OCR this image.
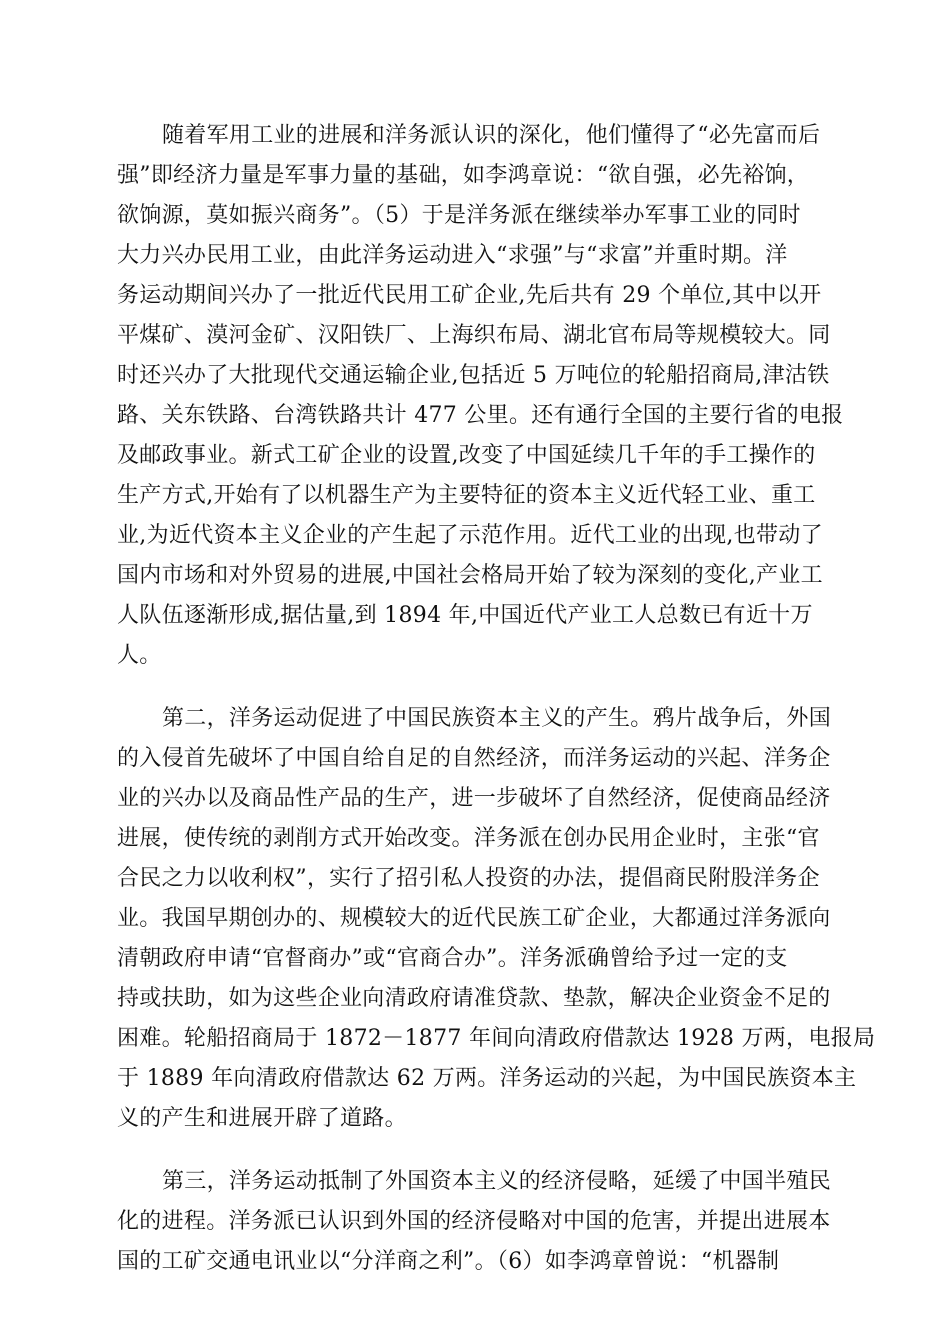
随着军用工业的进展和洋务派认识的深化，他们懂得了“必先富而后
强”即经济力量是军事力量的基础，如李鸿章说：“欲自强，必先裕饷，
欲饷源，莫如振兴商务”。（5）于是洋务派在继续举办军事工业的同时
大力兴办民用工业，由此洋务运动进入“求强”与“求富”并重时期。洋
务运动期间兴办了一批近代民用工矿企业,先后共有 29 个单位,其中以开
平煤矿、漠河金矿、汉阳铁厂、上海织布局、湖北官布局等规模较大。同
时还兴办了大批现代交通运输企业,包括近 5 万吨位的轮船招商局,津沽铁
路、关东铁路、台湾铁路共计 477 公里。还有通行全国的主要行省的电报
及邮政事业。新式工矿企业的设置,改变了中国延续几千年的手工操作的
生产方式,开始有了以机器生产为主要特征的资本主义近代轻工业、重工
业,为近代资本主义企业的产生起了示范作用。近代工业的出现,也带动了
国内市场和对外贸易的进展,中国社会格局开始了较为深刻的变化,产业工
人队伍逐渐形成,据估量,到 1894 年,中国近代产业工人总数已有近十万
人。
第二，洋务运动促进了中国民族资本主义的产生。鸦片战争后，外国
的入侵首先破坏了中国自给自足的自然经济，而洋务运动的兴起、洋务企
业的兴办以及商品性产品的生产，进一步破坏了自然经济，促使商品经济
进展，使传统的剥削方式开始改变。洋务派在创办民用企业时，主张“官
合民之力以收利权”，实行了招引私人投资的办法，提倡商民附股洋务企
业。我国早期创办的、规模较大的近代民族工矿企业，大都通过洋务派向
清朝政府申请“官督商办”或“官商合办”。洋务派确曾给予过一定的支
持或扶助，如为这些企业向清政府请准贷款、垫款，解决企业资金不足的
困难。轮船招商局于 1872－1877 年间向清政府借款达 1928 万两，电报局
于 1889 年向清政府借款达 62 万两。洋务运动的兴起，为中国民族资本主
义的产生和进展开辟了道路。
第三，洋务运动抵制了外国资本主义的经济侵略，延缓了中国半殖民
化的进程。洋务派已认识到外国的经济侵略对中国的危害，并提出进展本
国的工矿交通电讯业以“分洋商之利”。（6）如李鸿章曾说：“机器制
